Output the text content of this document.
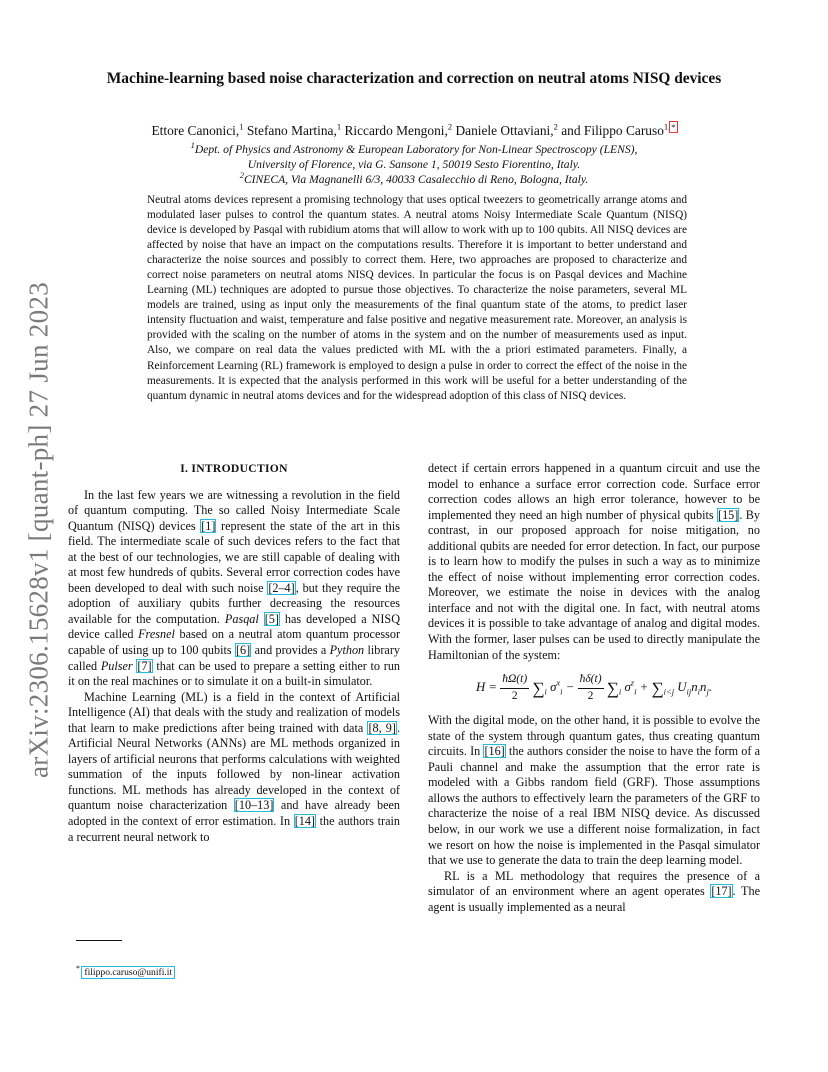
arXiv:2306.15628v1 [quant-ph] 27 Jun 2023
Machine-learning based noise characterization and correction on neutral atoms NISQ devices
Ettore Canonici,$^1$ Stefano Martina,$^1$ Riccardo Mengoni,$^2$ Daniele Ottaviani,$^2$ and Filippo Caruso$^{1,*}$
$^1$Dept. of Physics and Astronomy & European Laboratory for Non-Linear Spectroscopy (LENS),
University of Florence, via G. Sansone 1, 50019 Sesto Fiorentino, Italy.
$^2$CINECA, Via Magnanelli 6/3, 40033 Casalecchio di Reno, Bologna, Italy.
Neutral atoms devices represent a promising technology that uses optical tweezers to geometrically arrange atoms and modulated laser pulses to control the quantum states. A neutral atoms Noisy Intermediate Scale Quantum (NISQ) device is developed by Pasqal with rubidium atoms that will allow to work with up to 100 qubits. All NISQ devices are affected by noise that have an impact on the computations results. Therefore it is important to better understand and characterize the noise sources and possibly to correct them. Here, two approaches are proposed to characterize and correct noise parameters on neutral atoms NISQ devices. In particular the focus is on Pasqal devices and Machine Learning (ML) techniques are adopted to pursue those objectives. To characterize the noise parameters, several ML models are trained, using as input only the measurements of the final quantum state of the atoms, to predict laser intensity fluctuation and waist, temperature and false positive and negative measurement rate. Moreover, an analysis is provided with the scaling on the number of atoms in the system and on the number of measurements used as input. Also, we compare on real data the values predicted with ML with the a priori estimated parameters. Finally, a Reinforcement Learning (RL) framework is employed to design a pulse in order to correct the effect of the noise in the measurements. It is expected that the analysis performed in this work will be useful for a better understanding of the quantum dynamic in neutral atoms devices and for the widespread adoption of this class of NISQ devices.
I. INTRODUCTION

In the last few years we are witnessing a revolution in the field of quantum computing. The so called Noisy Intermediate Scale Quantum (NISQ) devices [1] represent the state of the art in this field. The intermediate scale of such devices refers to the fact that at the best of our technologies, we are still capable of dealing with at most few hundreds of qubits. Several error correction codes have been developed to deal with such noise [2–4], but they require the adoption of auxiliary qubits further decreasing the resources available for the computation. Pasqal [5] has developed a NISQ device called Fresnel based on a neutral atom quantum processor capable of using up to 100 qubits [6] and provides a Python library called Pulser [7] that can be used to prepare a setting either to run it on the real machines or to simulate it on a built-in simulator.

Machine Learning (ML) is a field in the context of Artificial Intelligence (AI) that deals with the study and realization of models that learn to make predictions after being trained with data [8, 9]. Artificial Neural Networks (ANNs) are ML methods organized in layers of artificial neurons that performs calculations with weighted summation of the inputs followed by non-linear activation functions. ML methods has already developed in the context of quantum noise characterization [10–13] and have already been adopted in the context of error estimation. In [14] the authors train a recurrent neural network to

detect if certain errors happened in a quantum circuit and use the model to enhance a surface error correction code. Surface error correction codes allows an high error tolerance, however to be implemented they need an high number of physical qubits [15]. By contrast, in our proposed approach for noise mitigation, no additional qubits are needed for error detection. In fact, our purpose is to learn how to modify the pulses in such a way as to minimize the effect of noise without implementing error correction codes. Moreover, we estimate the noise in devices with the analog interface and not with the digital one. In fact, with neutral atoms devices it is possible to take advantage of analog and digital modes. With the former, laser pulses can be used to directly manipulate the Hamiltonian of the system:

$H = \frac{ħ\Omega(t)}{2} \sum_i$ $\sigma^x_i - \frac{ħ\delta(t)}{2} \sum_i$ $\sigma^z_i + \sum_{i<j}$ $U_{ij}n_in_j$.

With the digital mode, on the other hand, it is possible to evolve the state of the system through quantum gates, thus creating quantum circuits. In [16] the authors consider the noise to have the form of a Pauli channel and make the assumption that the error rate is modeled with a Gibbs random field (GRF). Those assumptions allows the authors to effectively learn the parameters of the GRF to characterize the noise of a real IBM NISQ device. As discussed below, in our work we use a different noise formalization, in fact we resort on how the noise is implemented in the Pasqal simulator that we use to generate the data to train the deep learning model.

RL is a ML methodology that requires the presence of a simulator of an environment where an agent operates [17]. The agent is usually implemented as a neural

* filippo.caruso@unifi.it
